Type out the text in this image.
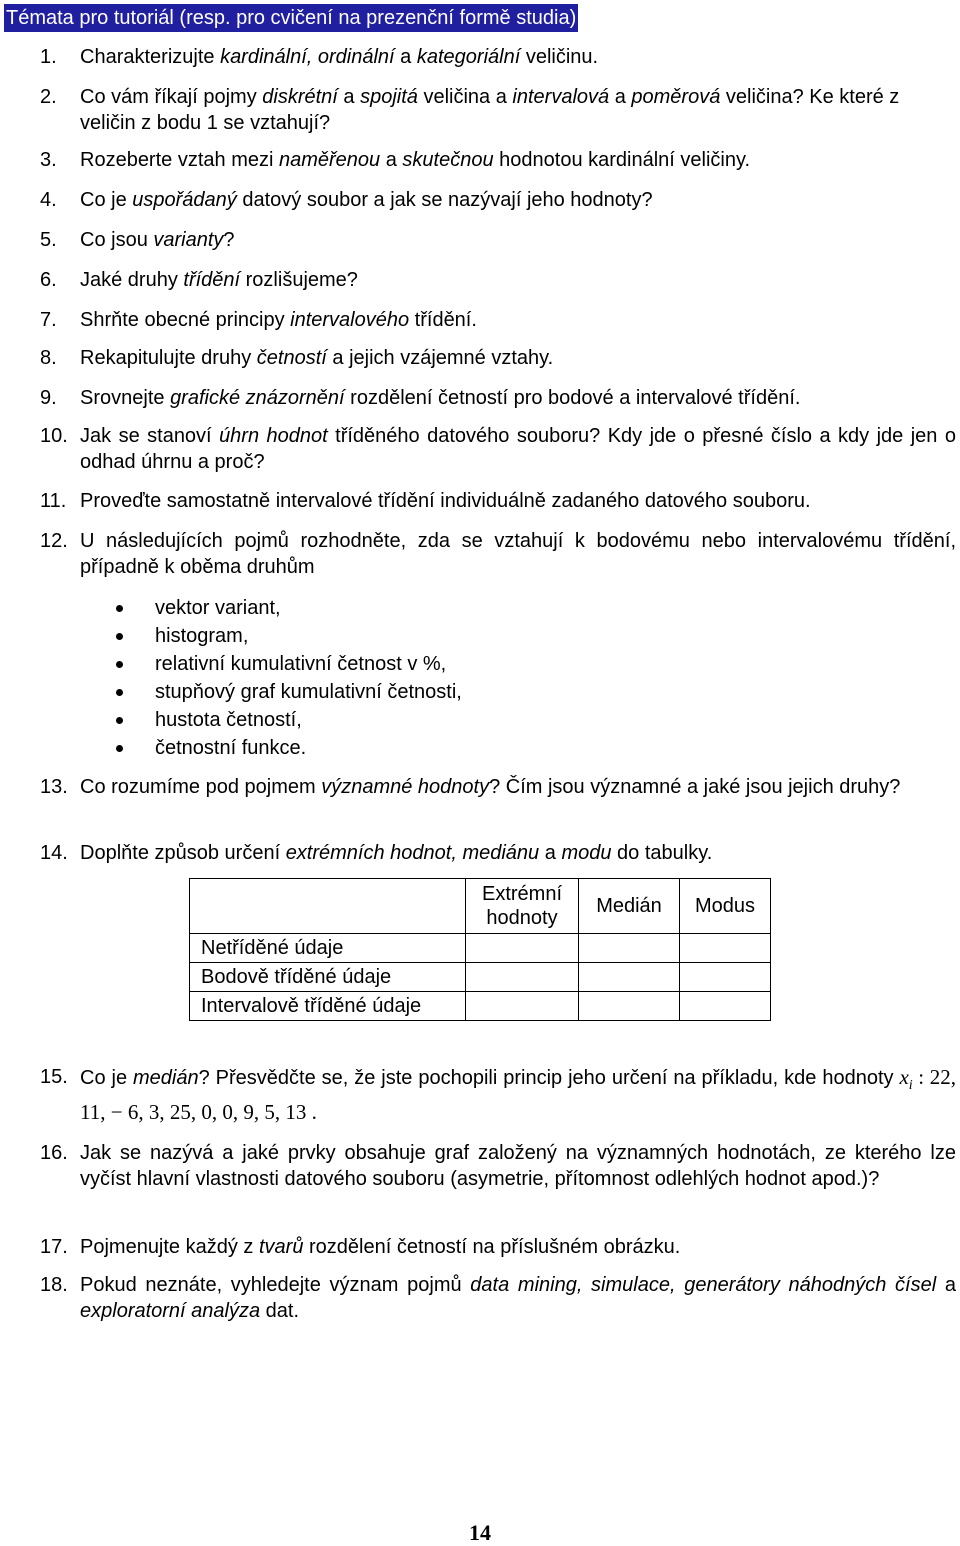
Témata pro tutoriál (resp. pro cvičení na prezenční formě studia)
1. Charakterizujte kardinální, ordinální a kategoriální veličinu.
2. Co vám říkají pojmy diskrétní a spojitá veličina a intervalová a poměrová veličina? Ke které z veličin z bodu 1 se vztahují?
3. Rozeberte vztah mezi naměřenou a skutečnou hodnotou kardinální veličiny.
4. Co je uspořádaný datový soubor a jak se nazývají jeho hodnoty?
5. Co jsou varianty?
6. Jaké druhy třídění rozlišujeme?
7. Shrňte obecné principy intervalového třídění.
8. Rekapitulujte druhy četností a jejich vzájemné vztahy.
9. Srovnejte grafické znázornění rozdělení četností pro bodové a intervalové třídění.
10. Jak se stanoví úhrn hodnot tříděného datového souboru? Kdy jde o přesné číslo a kdy jde jen o odhad úhrnu a proč?
11. Proveďte samostatně intervalové třídění individuálně zadaného datového souboru.
12. U následujících pojmů rozhodněte, zda se vztahují k bodovému nebo intervalovému třídění, případně k oběma druhům
vektor variant,
histogram,
relativní kumulativní četnost v %,
stupňový graf kumulativní četnosti,
hustota četností,
četnostní funkce.
13. Co rozumíme pod pojmem významné hodnoty? Čím jsou významné a jaké jsou jejich druhy?
14. Doplňte způsob určení extrémních hodnot, mediánu a modu do tabulky.
	Extrémní hodnoty	Medián	Modus
Netříděné údaje			
Bodově tříděné údaje			
Intervalově tříděné údaje			
15. Co je medián? Přesvědčte se, že jste pochopili princip jeho určení na příkladu, kde hodnoty $x_i$ : 22, 11, − 6, 3, 25, 0, 0, 9, 5, 13 .
16. Jak se nazývá a jaké prvky obsahuje graf založený na významných hodnotách, ze kterého lze vyčíst hlavní vlastnosti datového souboru (asymetrie, přítomnost odlehlých hodnot apod.)?
17. Pojmenujte každý z tvarů rozdělení četností na příslušném obrázku.
18. Pokud neznáte, vyhledejte význam pojmů data mining, simulace, generátory náhodných čísel a exploratorní analýza dat.
14
